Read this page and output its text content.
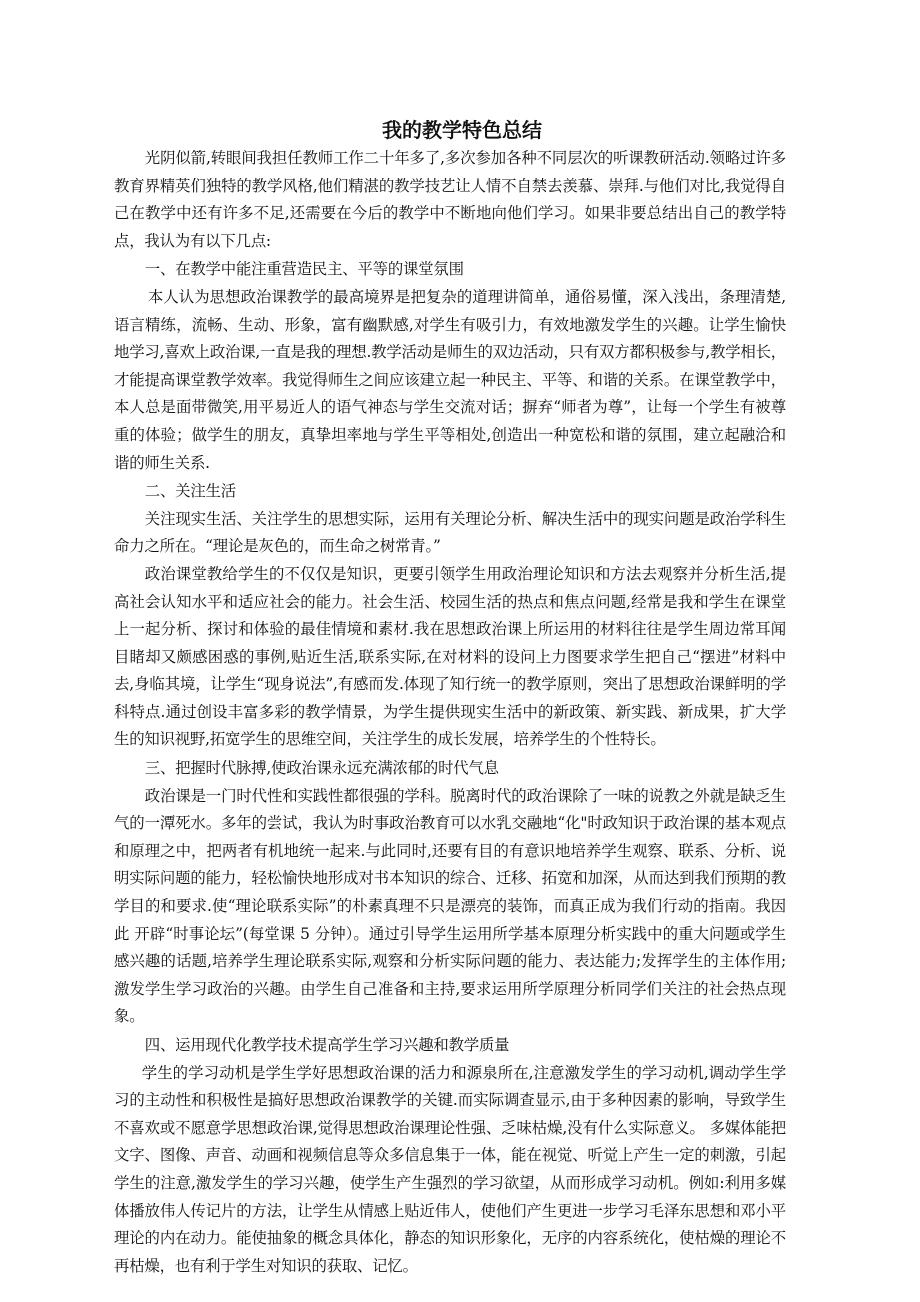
我的教学特色总结

光阴似箭,转眼间我担任教师工作二十年多了,多次参加各种不同层次的听课教研活动.领略过许多教育界精英们独特的教学风格,他们精湛的教学技艺让人情不自禁去羡慕、崇拜.与他们对比,我觉得自己在教学中还有许多不足,还需要在今后的教学中不断地向他们学习。如果非要总结出自己的教学特点，我认为有以下几点:

一、在教学中能注重营造民主、平等的课堂氛围

本人认为思想政治课教学的最高境界是把复杂的道理讲简单，通俗易懂，深入浅出，条理清楚,语言精练，流畅、生动、形象，富有幽默感,对学生有吸引力，有效地激发学生的兴趣。让学生愉快地学习,喜欢上政治课,一直是我的理想.教学活动是师生的双边活动，只有双方都积极参与,教学相长，才能提高课堂教学效率。我觉得师生之间应该建立起一种民主、平等、和谐的关系。在课堂教学中，本人总是面带微笑,用平易近人的语气神态与学生交流对话；摒弃“师者为尊”，让每一个学生有被尊重的体验；做学生的朋友，真挚坦率地与学生平等相处,创造出一种宽松和谐的氛围，建立起融洽和谐的师生关系.

二、关注生活

关注现实生活、关注学生的思想实际，运用有关理论分析、解决生活中的现实问题是政治学科生命力之所在。“理论是灰色的，而生命之树常青。”

政治课堂教给学生的不仅仅是知识，更要引领学生用政治理论知识和方法去观察并分析生活,提高社会认知水平和适应社会的能力。社会生活、校园生活的热点和焦点问题,经常是我和学生在课堂上一起分析、探讨和体验的最佳情境和素材.我在思想政治课上所运用的材料往往是学生周边常耳闻目睹却又颇感困惑的事例,贴近生活,联系实际,在对材料的设问上力图要求学生把自己“摆进”材料中去,身临其境，让学生“现身说法”,有感而发.体现了知行统一的教学原则，突出了思想政治课鲜明的学科特点.通过创设丰富多彩的教学情景，为学生提供现实生活中的新政策、新实践、新成果，扩大学生的知识视野,拓宽学生的思维空间，关注学生的成长发展，培养学生的个性特长。

三、把握时代脉搏,使政治课永远充满浓郁的时代气息

政治课是一门时代性和实践性都很强的学科。脱离时代的政治课除了一味的说教之外就是缺乏生气的一潭死水。多年的尝试，我认为时事政治教育可以水乳交融地“化"时政知识于政治课的基本观点和原理之中，把两者有机地统一起来.与此同时,还要有目的有意识地培养学生观察、联系、分析、说明实际问题的能力，轻松愉快地形成对书本知识的综合、迁移、拓宽和加深，从而达到我们预期的教学目的和要求.使“理论联系实际”的朴素真理不只是漂亮的装饰，而真正成为我们行动的指南。我因此 开辟“时事论坛”(每堂课 5 分钟）。通过引导学生运用所学基本原理分析实践中的重大问题或学生感兴趣的话题,培养学生理论联系实际,观察和分析实际问题的能力、表达能力;发挥学生的主体作用;激发学生学习政治的兴趣。由学生自己准备和主持,要求运用所学原理分析同学们关注的社会热点现象。

四、运用现代化教学技术提高学生学习兴趣和教学质量

学生的学习动机是学生学好思想政治课的活力和源泉所在,注意激发学生的学习动机,调动学生学习的主动性和积极性是搞好思想政治课教学的关键.而实际调查显示,由于多种因素的影响，导致学生不喜欢或不愿意学思想政治课,觉得思想政治课理论性强、乏味枯燥,没有什么实际意义。 多媒体能把文字、图像、声音、动画和视频信息等众多信息集于一体，能在视觉、听觉上产生一定的刺激，引起学生的注意,激发学生的学习兴趣，使学生产生强烈的学习欲望，从而形成学习动机。例如:利用多媒体播放伟人传记片的方法，让学生从情感上贴近伟人，使他们产生更进一步学习毛泽东思想和邓小平理论的内在动力。能使抽象的概念具体化，静态的知识形象化，无序的内容系统化，使枯燥的理论不再枯燥，也有利于学生对知识的获取、记忆。
